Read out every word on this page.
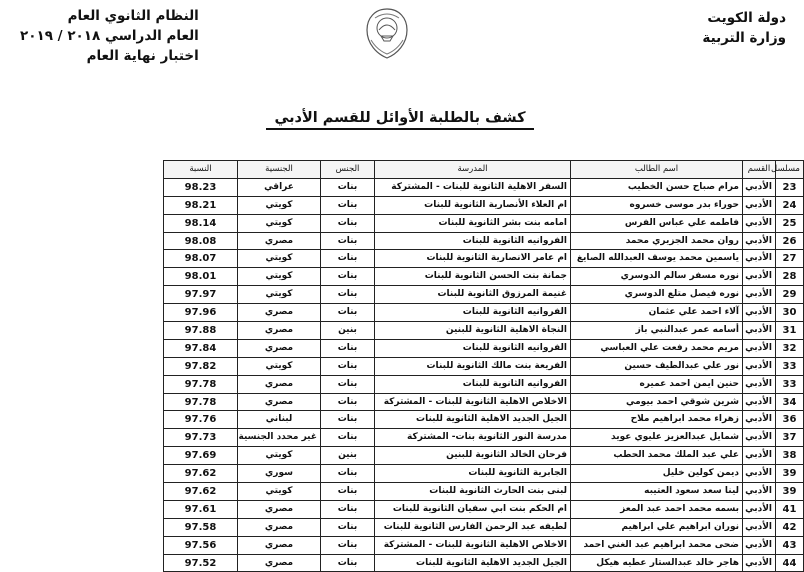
دولة الكويت
وزارة التربية
النظام الثانوي العام
العام الدراسي ٢٠١٨ / ٢٠١٩
اختبار نهاية العام
كشف بالطلبة الأوائل للقسم الأدبي
مسلسل	القسم	اسم الطالب	المدرسة	الجنس	الجنسية	النسبة
23	الأدبي	مرام صباح حسن الخطيب	السفر الاهلية الثانوية للبنات - المشتركة	بنات	عراقي	98.23
24	الأدبي	حوراء بدر موسى خسروه	ام العلاء الأنصارية الثانوية للبنات	بنات	كويتي	98.21
25	الأدبي	فاطمه علي عباس الفرس	امامه بنت بشر الثانوية للبنات	بنات	كويتي	98.14
26	الأدبي	روان محمد الجزيري محمد	الفروانيه الثانوية للبنات	بنات	مصري	98.08
27	الأدبي	ياسمين محمد يوسف العبدالله الصايغ	ام عامر الانصارية الثانوية للبنات	بنات	كويتي	98.07
28	الأدبي	نوره مسفر سالم الدوسري	جمانة بنت الحسن الثانوية للبنات	بنات	كويتي	98.01
29	الأدبي	نوره فيصل متلع الدوسري	غنيمة المرزوق الثانوية للبنات	بنات	كويتي	97.97
30	الأدبي	آلاء احمد علي عثمان	الفروانيه الثانوية للبنات	بنات	مصري	97.96
31	الأدبي	أسامه عمر عبدالنبي باز	النجاة الاهلية الثانوية للبنين	بنين	مصري	97.88
32	الأدبي	مريم محمد رفعت علي العباسي	الفروانيه الثانوية للبنات	بنات	مصري	97.84
33	الأدبي	نور علي عبدالطيف حسين	الفريعة بنت مالك الثانوية للبنات	بنات	كويتي	97.82
33	الأدبي	حنين ايمن احمد عميره	الفروانيه الثانوية للبنات	بنات	مصري	97.78
34	الأدبي	شرين شوقي احمد بيومي	الاخلاص الاهلية الثانوية للبنات - المشتركة	بنات	مصري	97.78
36	الأدبي	زهراء محمد ابراهيم ملاح	الجيل الجديد الاهلية الثانوية للبنات	بنات	لبناني	97.76
37	الأدبي	شمايل عبدالعزيز عليوي عويد	مدرسة النور الثانوية بنات- المشتركة	بنات	غير محدد الجنسية	97.73
38	الأدبي	علي عبد الملك محمد الحطب	فرحان الخالد الثانوية للبنين	بنين	كويتي	97.69
39	الأدبي	ديمن كولين خليل	الجابرية الثانوية للبنات	بنات	سوري	97.62
39	الأدبي	لينا سعد سعود العتيبه	لبنى بنت الحارث الثانوية للبنات	بنات	كويتي	97.62
41	الأدبي	بسمه محمد احمد عبد المعز	ام الحكم بنت ابي سفيان الثانوية للبنات	بنات	مصري	97.61
42	الأدبي	نوران ابراهيم علي ابراهيم	لطيفه عبد الرحمن الفارس الثانوية للبنات	بنات	مصري	97.58
43	الأدبي	ضحى محمد ابراهيم عبد الغني احمد	الاخلاص الاهلية الثانوية للبنات - المشتركة	بنات	مصري	97.56
44	الأدبي	هاجر خالد عبدالستار عطيه هيكل	الجيل الجديد الاهلية الثانوية للبنات	بنات	مصري	97.52
